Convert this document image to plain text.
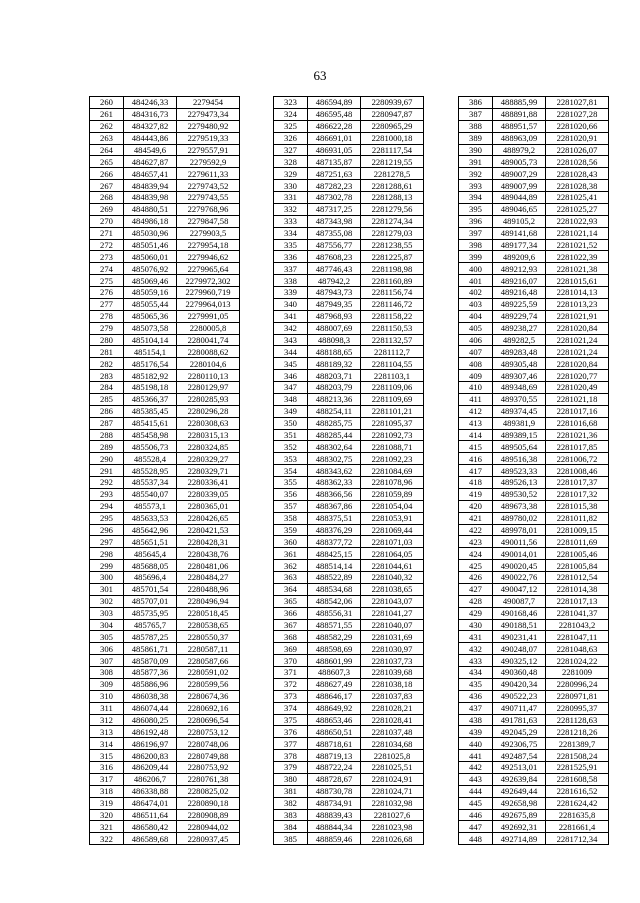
63
260	484246,33	2279454
261	484316,73	2279473,34
262	484327,82	2279480,92
263	484443,86	2279519,33
264	484549,6	2279557,91
265	484627,87	2279592,9
266	484657,41	2279611,33
267	484839,94	2279743,52
268	484839,98	2279743,55
269	484880,51	2279768,96
270	484986,18	2279847,58
271	485030,96	2279903,5
272	485051,46	2279954,18
273	485060,01	2279946,62
274	485076,92	2279965,64
275	485069,46	2279972,302
276	485059,16	2279960,719
277	485055,44	2279964,013
278	485065,36	2279991,05
279	485073,58	2280005,8
280	485104,14	2280041,74
281	485154,1	2280088,62
282	485176,54	2280104,6
283	485182,92	2280110,13
284	485198,18	2280129,97
285	485366,37	2280285,93
286	485385,45	2280296,28
287	485415,61	2280308,63
288	485458,98	2280315,13
289	485506,73	2280324,85
290	485528,4	2280329,27
291	485528,95	2280329,71
292	485537,34	2280336,41
293	485540,07	2280339,05
294	485573,1	2280365,01
295	485633,53	2280426,65
296	485642,96	2280421,53
297	485651,51	2280428,31
298	485645,4	2280438,76
299	485688,05	2280481,06
300	485696,4	2280484,27
301	485701,54	2280488,96
302	485707,01	2280496,94
303	485735,95	2280518,45
304	485765,7	2280538,65
305	485787,25	2280550,37
306	485861,71	2280587,11
307	485870,09	2280587,66
308	485877,36	2280591,02
309	485886,96	2280599,56
310	486038,38	2280674,36
311	486074,44	2280692,16
312	486080,25	2280696,54
313	486192,48	2280753,12
314	486196,97	2280748,06
315	486200,83	2280749,88
316	486209,44	2280753,92
317	486206,7	2280761,38
318	486338,88	2280825,02
319	486474,01	2280890,18
320	486511,64	2280908,89
321	486580,42	2280944,02
322	486589,68	2280937,45
323	486594,89	2280939,67
324	486595,48	2280947,87
325	486622,28	2280965,29
326	486691,01	2281000,18
327	486931,05	2281117,54
328	487135,87	2281219,55
329	487251,63	2281278,5
330	487282,23	2281288,61
331	487302,78	2281288,13
332	487317,25	2281279,56
333	487343,98	2281274,34
334	487355,08	2281279,03
335	487556,77	2281238,55
336	487608,23	2281225,87
337	487746,43	2281198,98
338	487942,2	2281160,89
339	487943,73	2281156,74
340	487949,35	2281146,72
341	487968,93	2281158,22
342	488007,69	2281150,53
343	488098,3	2281132,57
344	488188,65	2281112,7
345	488189,32	2281104,55
346	488203,71	2281103,1
347	488203,79	2281109,06
348	488213,36	2281109,69
349	488254,11	2281101,21
350	488285,75	2281095,37
351	488285,44	2281092,73
352	488302,64	2281088,71
353	488302,75	2281092,23
354	488343,62	2281084,69
355	488362,33	2281078,96
356	488366,56	2281059,89
357	488367,86	2281054,04
358	488375,51	2281053,91
359	488376,29	2281069,44
360	488377,72	2281071,03
361	488425,15	2281064,05
362	488514,14	2281044,61
363	488522,89	2281040,32
364	488534,68	2281038,65
365	488542,06	2281043,07
366	488556,31	2281041,27
367	488571,55	2281040,07
368	488582,29	2281031,69
369	488598,69	2281030,97
370	488601,99	2281037,73
371	488607,3	2281039,68
372	488627,49	2281038,18
373	488646,17	2281037,83
374	488649,92	2281028,21
375	488653,46	2281028,41
376	488650,51	2281037,48
377	488718,61	2281034,68
378	488719,13	2281025,8
379	488722,24	2281025,51
380	488728,67	2281024,91
381	488730,78	2281024,71
382	488734,91	2281032,98
383	488839,43	2281027,6
384	488844,34	2281023,98
385	488859,46	2281026,68
386	488885,99	2281027,81
387	488891,88	2281027,28
388	488951,57	2281020,66
389	488963,09	2281020,91
390	488979,2	2281026,07
391	489005,73	2281028,56
392	489007,29	2281028,43
393	489007,99	2281028,38
394	489044,89	2281025,41
395	489046,65	2281025,27
396	489105,2	2281022,93
397	489141,68	2281021,14
398	489177,34	2281021,52
399	489209,6	2281022,39
400	489212,93	2281021,38
401	489216,07	2281015,61
402	489216,48	2281014,13
403	489225,59	2281013,23
404	489229,74	2281021,91
405	489238,27	2281020,84
406	489282,5	2281021,24
407	489283,48	2281021,24
408	489305,48	2281020,84
409	489307,46	2281020,77
410	489348,69	2281020,49
411	489370,55	2281021,18
412	489374,45	2281017,16
413	489381,9	2281016,68
414	489389,15	2281021,36
415	489505,64	2281017,85
416	489516,38	2281006,72
417	489523,33	2281008,46
418	489526,13	2281017,37
419	489530,52	2281017,32
420	489673,38	2281015,38
421	489780,02	2281011,82
422	489978,01	2281009,15
423	490011,56	2281011,69
424	490014,01	2281005,46
425	490020,45	2281005,84
426	490022,76	2281012,54
427	490047,12	2281014,38
428	490087,7	2281017,13
429	490168,46	2281041,37
430	490188,51	2281043,2
431	490231,41	2281047,11
432	490248,07	2281048,63
433	490325,12	2281024,22
434	490360,48	2281009
435	490420,34	2280996,24
436	490522,23	2280971,81
437	490711,47	2280995,37
438	491781,63	2281128,63
439	492045,29	2281218,26
440	492306,75	2281389,7
441	492487,54	2281508,24
442	492513,01	2281525,91
443	492639,84	2281608,58
444	492649,44	2281616,52
445	492658,98	2281624,42
446	492675,89	2281635,8
447	492692,31	2281661,4
448	492714,89	2281712,34
